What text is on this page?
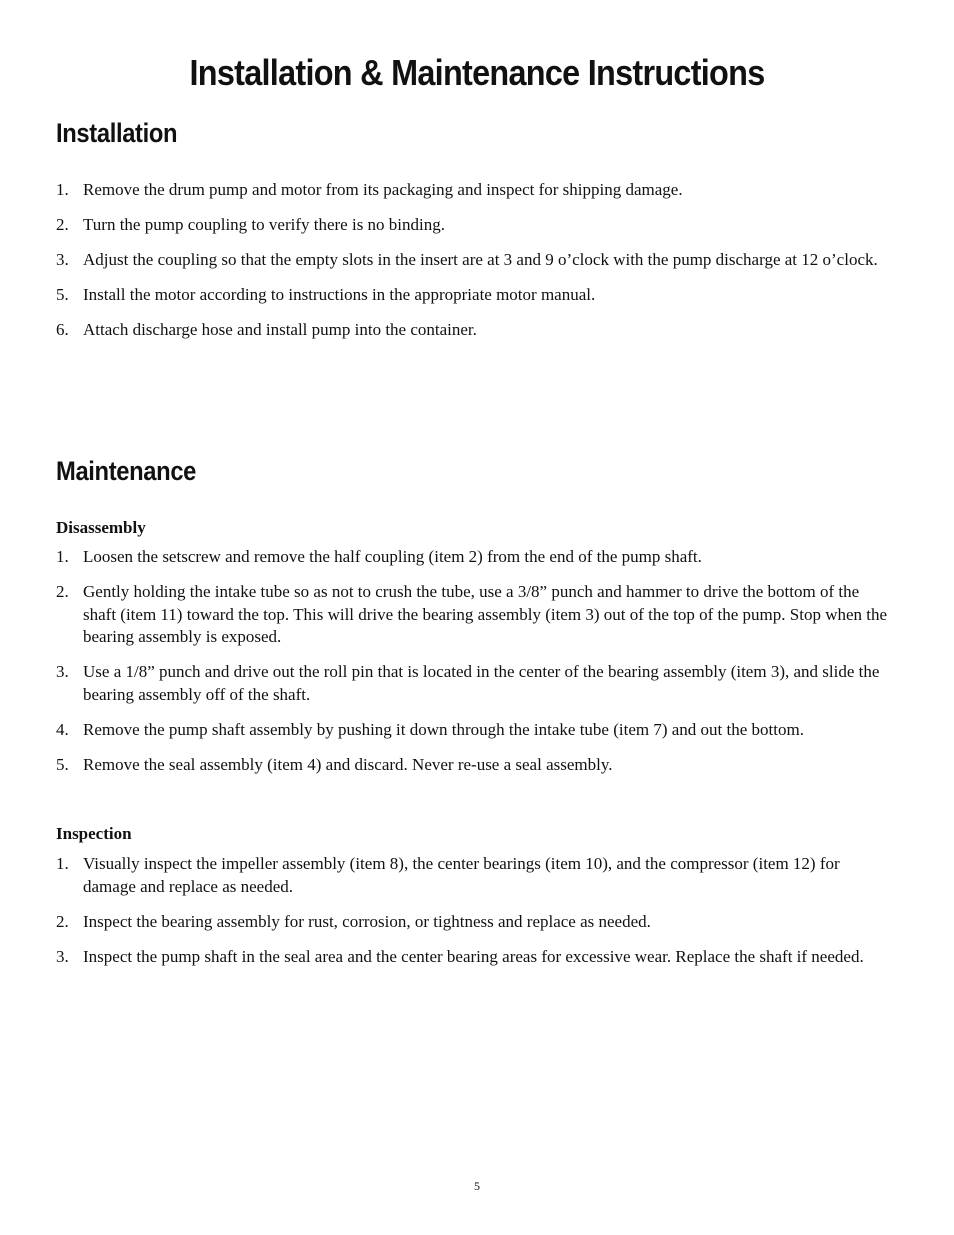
Installation & Maintenance Instructions
Installation
1. Remove the drum pump and motor from its packaging and inspect for shipping damage.
2. Turn the pump coupling to verify there is no binding.
3. Adjust the coupling so that the empty slots in the insert are at 3 and 9 o’clock with the pump discharge at 12 o’clock.
5. Install the motor according to instructions in the appropriate motor manual.
6. Attach discharge hose and install pump into the container.
Maintenance
Disassembly
1. Loosen the setscrew and remove the half coupling (item 2) from the end of the pump shaft.
2. Gently holding the intake tube so as not to crush the tube, use a 3/8” punch and hammer to drive the bottom of the shaft (item 11) toward the top. This will drive the bearing assembly (item 3) out of the top of the pump. Stop when the bearing assembly is exposed.
3. Use a 1/8” punch and drive out the roll pin that is located in the center of the bearing assembly (item 3), and slide the bearing assembly off of the shaft.
4. Remove the pump shaft assembly by pushing it down through the intake tube (item 7) and out the bottom.
5. Remove the seal assembly (item 4) and discard. Never re-use a seal assembly.
Inspection
1. Visually inspect the impeller assembly (item 8), the center bearings (item 10), and the compressor (item 12) for damage and replace as needed.
2. Inspect the bearing assembly for rust, corrosion, or tightness and replace as needed.
3. Inspect the pump shaft in the seal area and the center bearing areas for excessive wear. Replace the shaft if needed.
5
